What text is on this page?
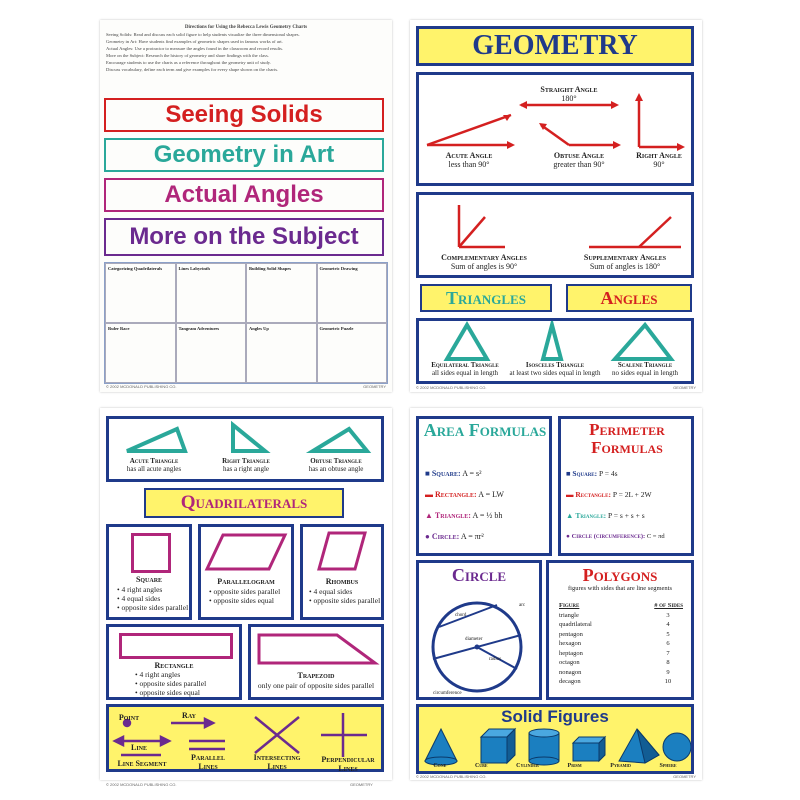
Directions for Using the Rebecca Lewis Geometry Charts
Seeing Solids: Read and discuss each solid figure to help students visualize the three dimensional shapes.
Geometry in Art: Have students find examples of geometric shapes used in famous works of art.
Actual Angles: Use a protractor to measure the angles found in the classroom and record results.
More on the Subject: Research the history of geometry and share findings with the class.
Encourage students to use the charts as a reference throughout the geometry unit of study.
Discuss vocabulary, define each term and give examples for every shape shown on the charts.
Seeing Solids
Geometry in Art
Actual Angles
More on the Subject
Categorizing Quadrilaterals	Lines Labyrinth	Building Solid Shapes	Geometric Drawing
Ruler Race	Tangram Adventures	Angles Up	Geometric Puzzle
© 2002 MCDONALD PUBLISHING CO.	GEOMETRY
GEOMETRY
Straight Angle
180°
Acute Angle
less than 90°
Obtuse Angle
greater than 90°
Right Angle
90°
Complementary Angles
Sum of angles is 90°
Supplementary Angles
Sum of angles is 180°
Triangles	Angles
Equilateral Triangle
all sides equal in length
Isosceles Triangle
at least two sides equal in length
Scalene Triangle
no sides equal in length
© 2002 MCDONALD PUBLISHING CO.	GEOMETRY
Acute Triangle
has all acute angles
Right Triangle
has a right angle
Obtuse Triangle
has an obtuse angle
Quadrilaterals
Square
• 4 right angles
• 4 equal sides
• opposite sides parallel
Parallelogram
• opposite sides parallel
• opposite sides equal
Rhombus
• 4 equal sides
• opposite sides parallel
Rectangle
• 4 right angles
• opposite sides parallel
• opposite sides equal
Trapezoid
only one pair of opposite sides parallel
Point	Ray
Line
Line Segment
Parallel Lines
Intersecting Lines
Perpendicular Lines
Area Formulas
■ Square: A = s²
▬ Rectangle: A = LW
▲ Triangle: A = ½ bh
● Circle: A = πr²
Perimeter Formulas
■ Square: P = 4s
▬ Rectangle: P = 2L + 2W
▲ Triangle: P = s + s + s
● Circle (circumference): C = πd
Circle
radius
diameter
chord
circumference
arc
Polygons
figures with sides that are line segments
Figure	# of Sides
triangle	3
quadrilateral	4
pentagon	5
hexagon	6
heptagon	7
octagon	8
nonagon	9
decagon	10
Solid Figures
Cone	Cube	Cylinder	Prism	Pyramid	Sphere
© 2002 MCDONALD PUBLISHING CO.	GEOMETRY
© 2002 MCDONALD PUBLISHING CO.	GEOMETRY
